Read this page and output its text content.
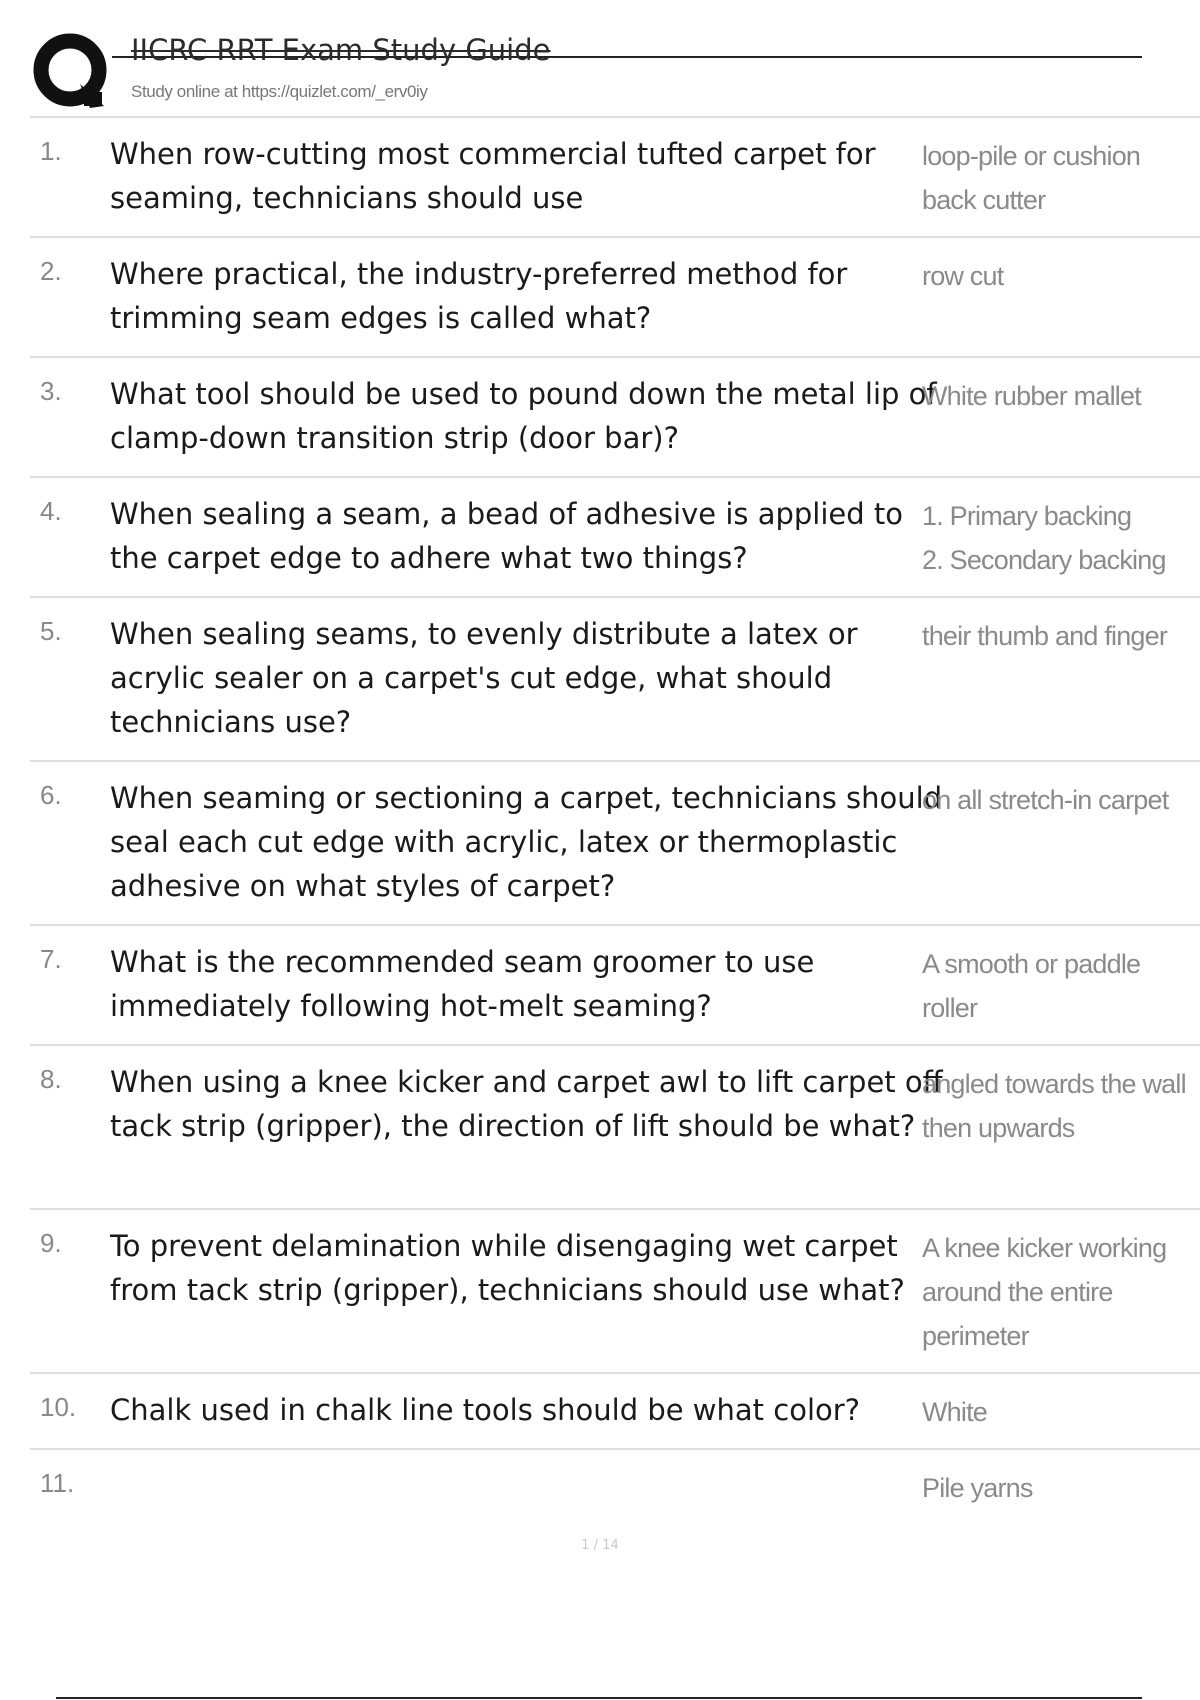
IICRC RRT Exam Study Guide
Study online at https://quizlet.com/_erv0iy
1. When row-cutting most commercial tufted carpet for seaming, technicians should use
loop-pile or cushion back cutter
2. Where practical, the industry-preferred method for trimming seam edges is called what?
row cut
3. What tool should be used to pound down the metal lip of clamp-down transition strip (door bar)?
White rubber mallet
4. When sealing a seam, a bead of adhesive is applied to the carpet edge to adhere what two things?
1. Primary backing
2. Secondary backing
5. When sealing seams, to evenly distribute a latex or acrylic sealer on a carpet's cut edge, what should technicians use?
their thumb and finger
6. When seaming or sectioning a carpet, technicians should seal each cut edge with acrylic, latex or thermoplastic adhesive on what styles of carpet?
on all stretch-in carpet
7. What is the recommended seam groomer to use immediately following hot-melt seaming?
A smooth or paddle roller
8. When using a knee kicker and carpet awl to lift carpet off tack strip (gripper), the direction of lift should be what?
angled towards the wall then upwards
9. To prevent delamination while disengaging wet carpet from tack strip (gripper), technicians should use what?
A knee kicker working around the entire perimeter
10. Chalk used in chalk line tools should be what color?	White
11.	Pile yarns
1 / 14
